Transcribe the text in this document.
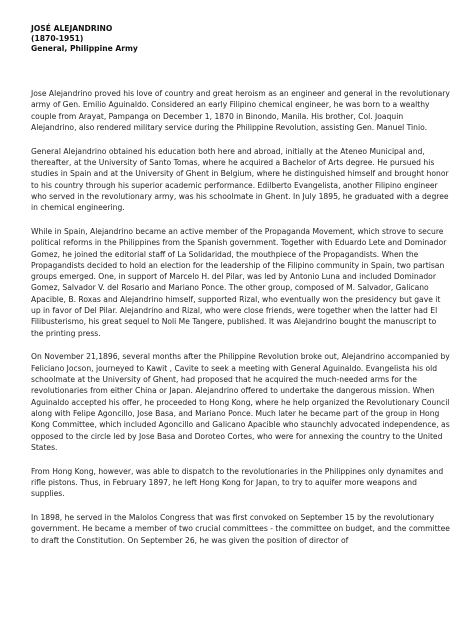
JOSÉ ALEJANDRINO
(1870-1951)
General, Philippine Army

Jose Alejandrino proved his love of country and great heroism as an engineer and general in the revolutionary army of Gen. Emilio Aguinaldo. Considered an early Filipino chemical engineer, he was born to a wealthy couple from Arayat, Pampanga on December 1, 1870 in Binondo, Manila. His brother, Col. Joaquin Alejandrino, also rendered military service during the Philippine Revolution, assisting Gen. Manuel Tinio.

General Alejandrino obtained his education both here and abroad, initially at the Ateneo Municipal and, thereafter, at the University of Santo Tomas, where he acquired a Bachelor of Arts degree. He pursued his studies in Spain and at the University of Ghent in Belgium, where he distinguished himself and brought honor to his country through his superior academic performance. Edilberto Evangelista, another Filipino engineer who served in the revolutionary army, was his schoolmate in Ghent. In July 1895, he graduated with a degree in chemical engineering.

While in Spain, Alejandrino became an active member of the Propaganda Movement, which strove to secure political reforms in the Philippines from the Spanish government. Together with Eduardo Lete and Dominador Gomez, he joined the editorial staff of La Solidaridad, the mouthpiece of the Propagandists. When the Propagandists decided to hold an election for the leadership of the Filipino community in Spain, two partisan groups emerged. One, in support of Marcelo H. del Pilar, was led by Antonio Luna and included Dominador Gomez, Salvador V. del Rosario and Mariano Ponce. The other group, composed of M. Salvador, Galicano Apacible, B. Roxas and Alejandrino himself, supported Rizal, who eventually won the presidency but gave it up in favor of Del Pilar. Alejandrino and Rizal, who were close friends, were together when the latter had El Filibusterismo, his great sequel to Noli Me Tangere, published. It was Alejandrino bought the manuscript to the printing press.

On November 21,1896, several months after the Philippine Revolution broke out, Alejandrino accompanied by Feliciano Jocson, journeyed to Kawit , Cavite to seek a meeting with General Aguinaldo. Evangelista his old schoolmate at the University of Ghent, had proposed that he acquired the much-needed arms for the revolutionaries from either China or Japan. Alejandrino offered to undertake the dangerous mission. When Aguinaldo accepted his offer, he proceeded to Hong Kong, where he help organized the Revolutionary Council along with Felipe Agoncillo, Jose Basa, and Mariano Ponce. Much later he became part of the group in Hong Kong Committee, which included Agoncillo and Galicano Apacible who staunchly advocated independence, as opposed to the circle led by Jose Basa and Doroteo Cortes, who were for annexing the country to the United States.

From Hong Kong, however, was able to dispatch to the revolutionaries in the Philippines only dynamites and rifle pistons. Thus, in February 1897, he left Hong Kong for Japan, to try to aquifer more weapons and supplies.

In 1898, he served in the Malolos Congress that was first convoked on September 15 by the revolutionary government. He became a member of two crucial committees - the committee on budget, and the committee to draft the Constitution. On September 26, he was given the position of director of
